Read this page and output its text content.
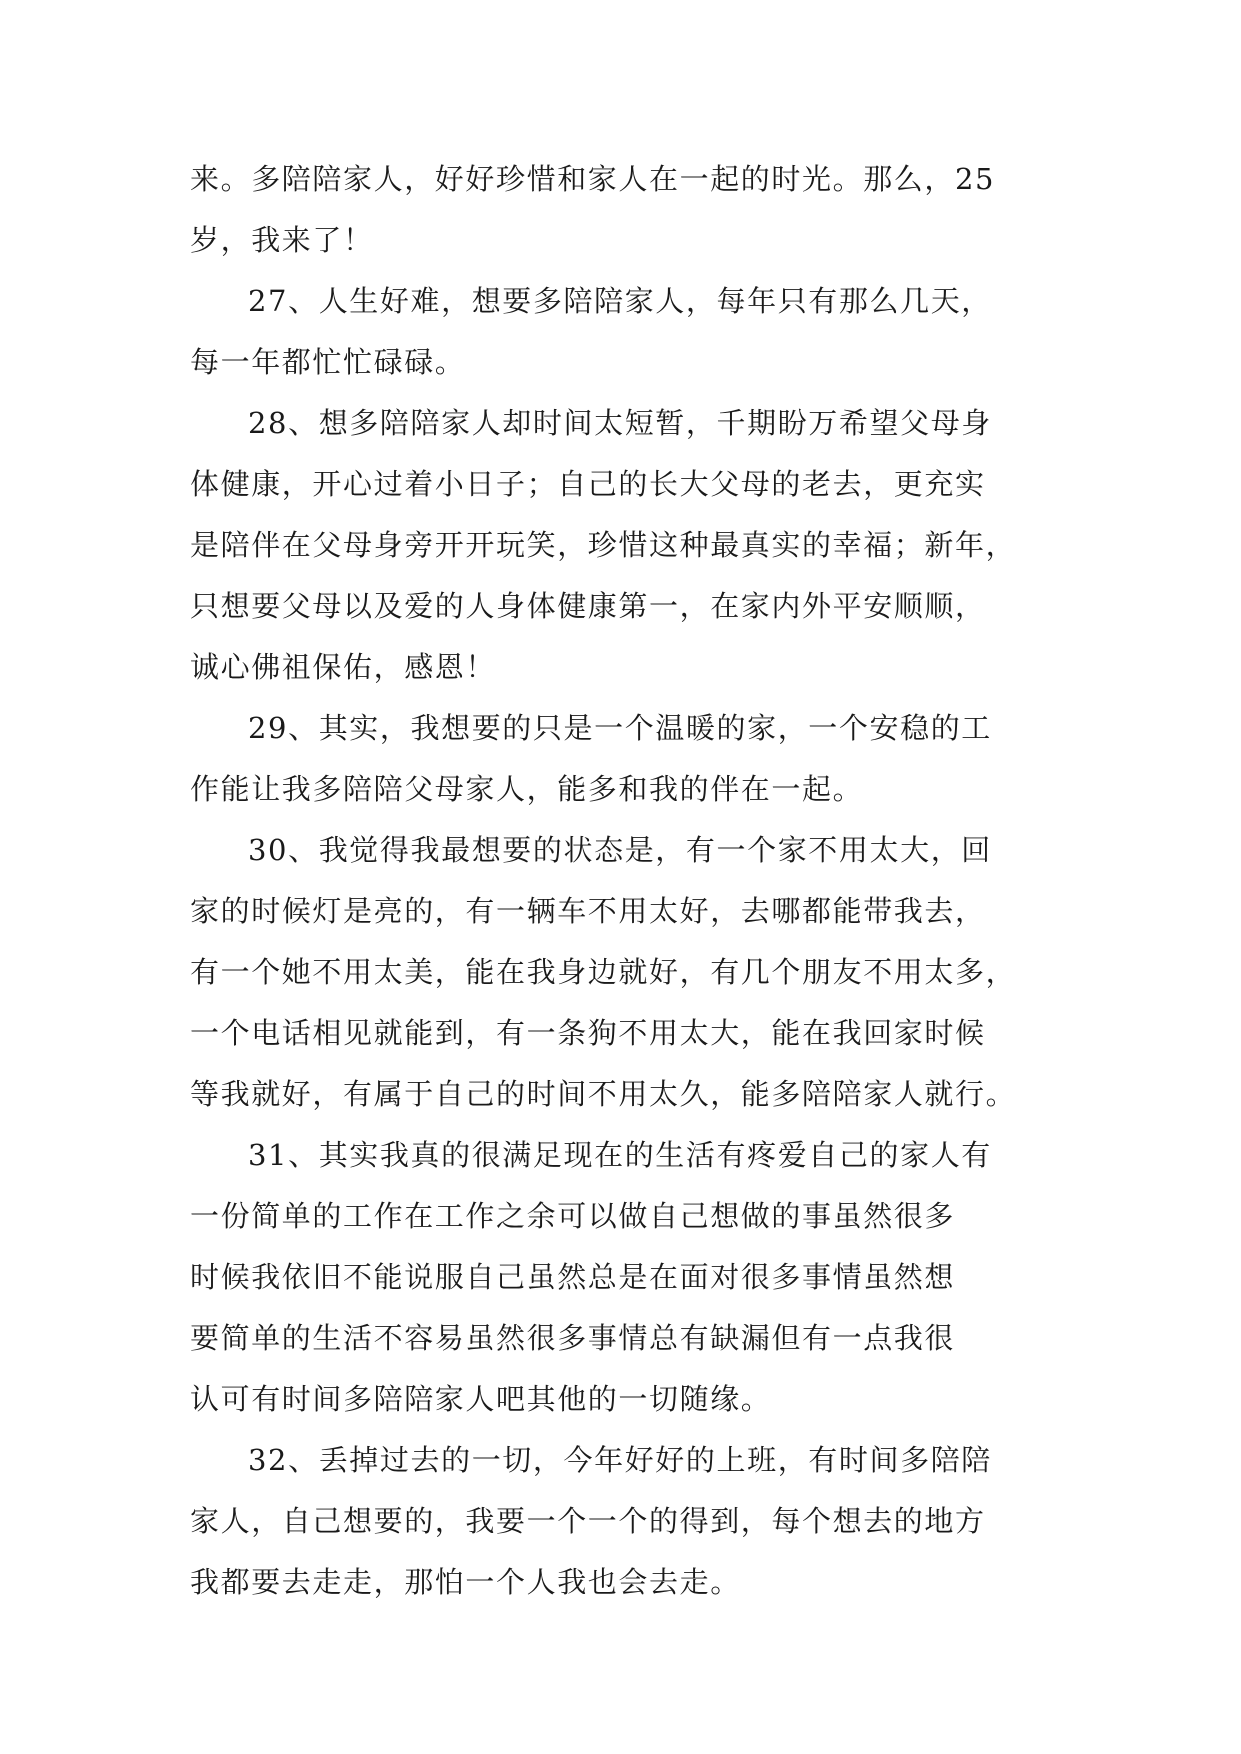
来。多陪陪家人，好好珍惜和家人在一起的时光。那么，25
岁，我来了！
27、人生好难，想要多陪陪家人，每年只有那么几天，
每一年都忙忙碌碌。
28、想多陪陪家人却时间太短暂，千期盼万希望父母身
体健康，开心过着小日子；自己的长大父母的老去，更充实
是陪伴在父母身旁开开玩笑，珍惜这种最真实的幸福；新年，
只想要父母以及爱的人身体健康第一，在家内外平安顺顺，
诚心佛祖保佑，感恩！
29、其实，我想要的只是一个温暖的家，一个安稳的工
作能让我多陪陪父母家人，能多和我的伴在一起。
30、我觉得我最想要的状态是，有一个家不用太大，回
家的时候灯是亮的，有一辆车不用太好，去哪都能带我去，
有一个她不用太美，能在我身边就好，有几个朋友不用太多，
一个电话相见就能到，有一条狗不用太大，能在我回家时候
等我就好，有属于自己的时间不用太久，能多陪陪家人就行。
31、其实我真的很满足现在的生活有疼爱自己的家人有
一份简单的工作在工作之余可以做自己想做的事虽然很多
时候我依旧不能说服自己虽然总是在面对很多事情虽然想
要简单的生活不容易虽然很多事情总有缺漏但有一点我很
认可有时间多陪陪家人吧其他的一切随缘。
32、丢掉过去的一切，今年好好的上班，有时间多陪陪
家人，自己想要的，我要一个一个的得到，每个想去的地方
我都要去走走，那怕一个人我也会去走。
